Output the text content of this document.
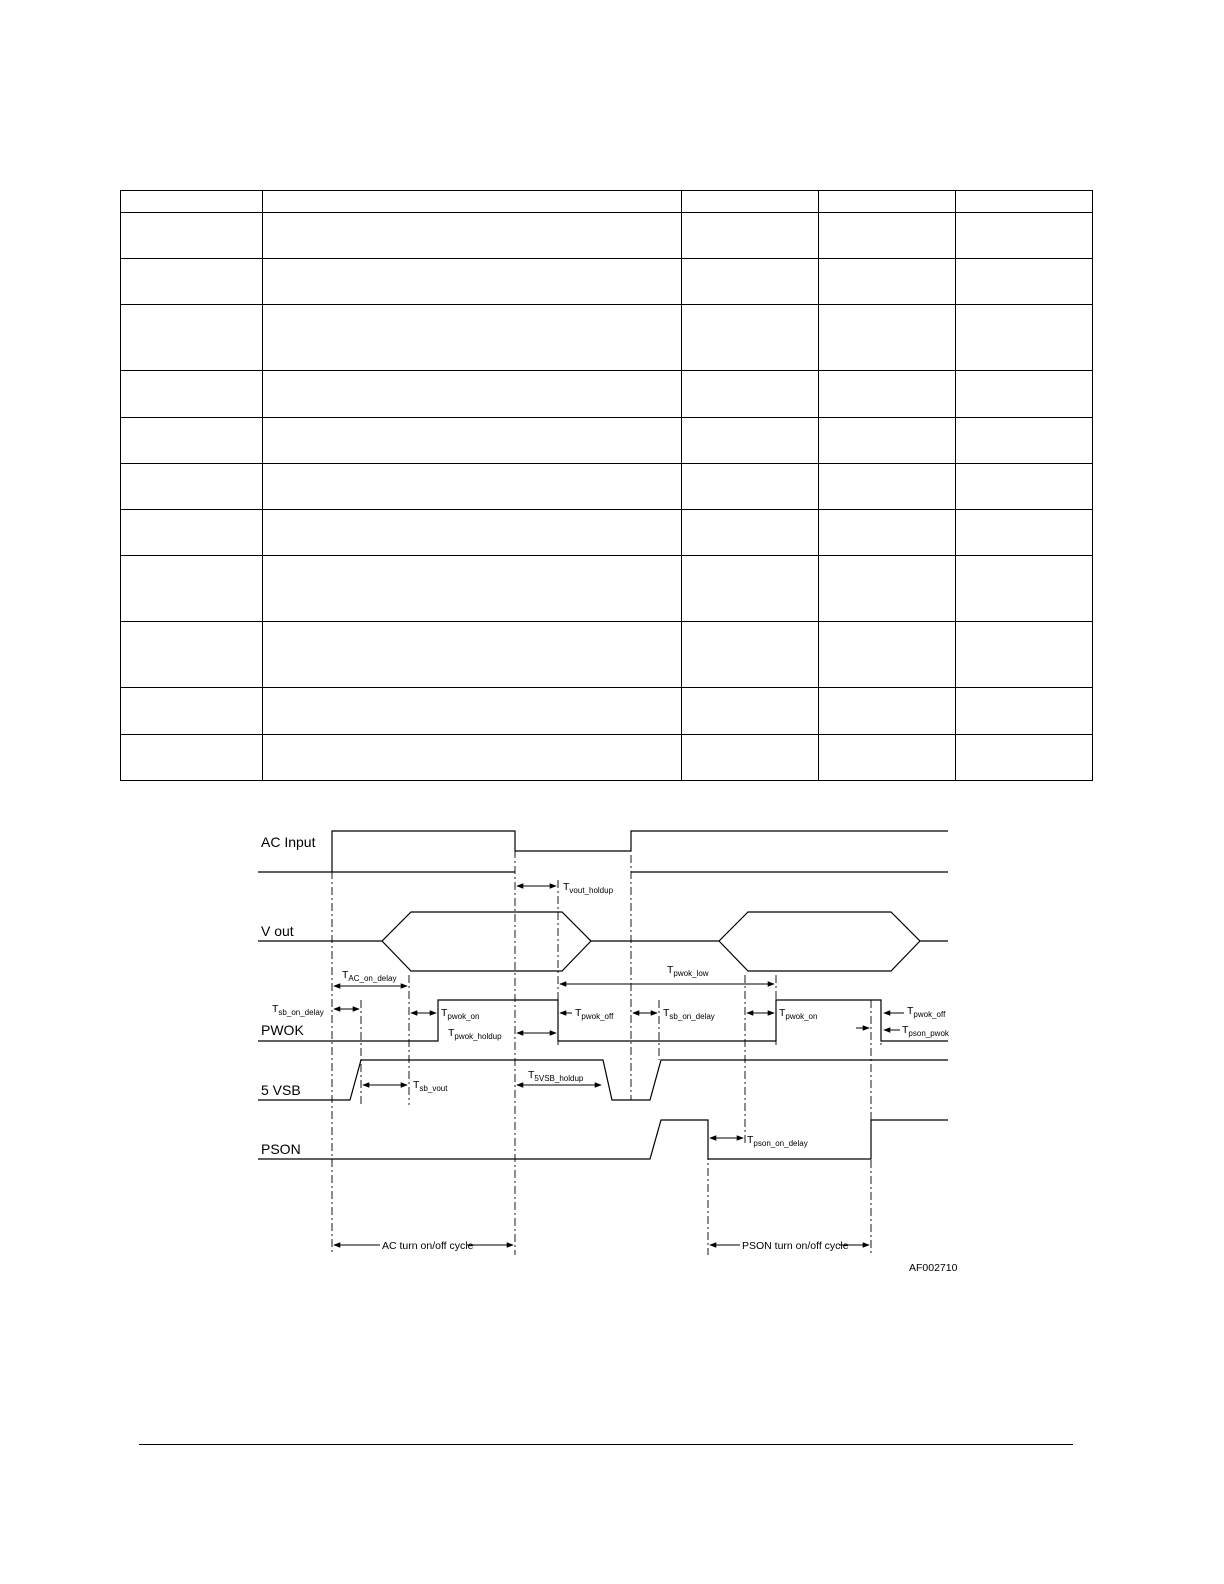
AC Input
V out
PWOK
5 VSB
PSON
$T_{vout\_holdup}$
$T_{pwok\_low}$
$T_{AC\_on\_delay}$
$T_{sb\_on\_delay}$	$T_{pwok\_on}$
$T_{pwok\_holdup}$
$T_{pwok\_off}$	$T_{sb\_on\_delay}$	$T_{pwok\_on}$	$T_{pwok\_off}$
$T_{pson\_pwok}$
$T_{sb\_vout}$
$T_{5VSB\_holdup}$
$T_{pson\_on\_delay}$
AC turn on/off cycle	PSON turn on/off cycle
AF002710
